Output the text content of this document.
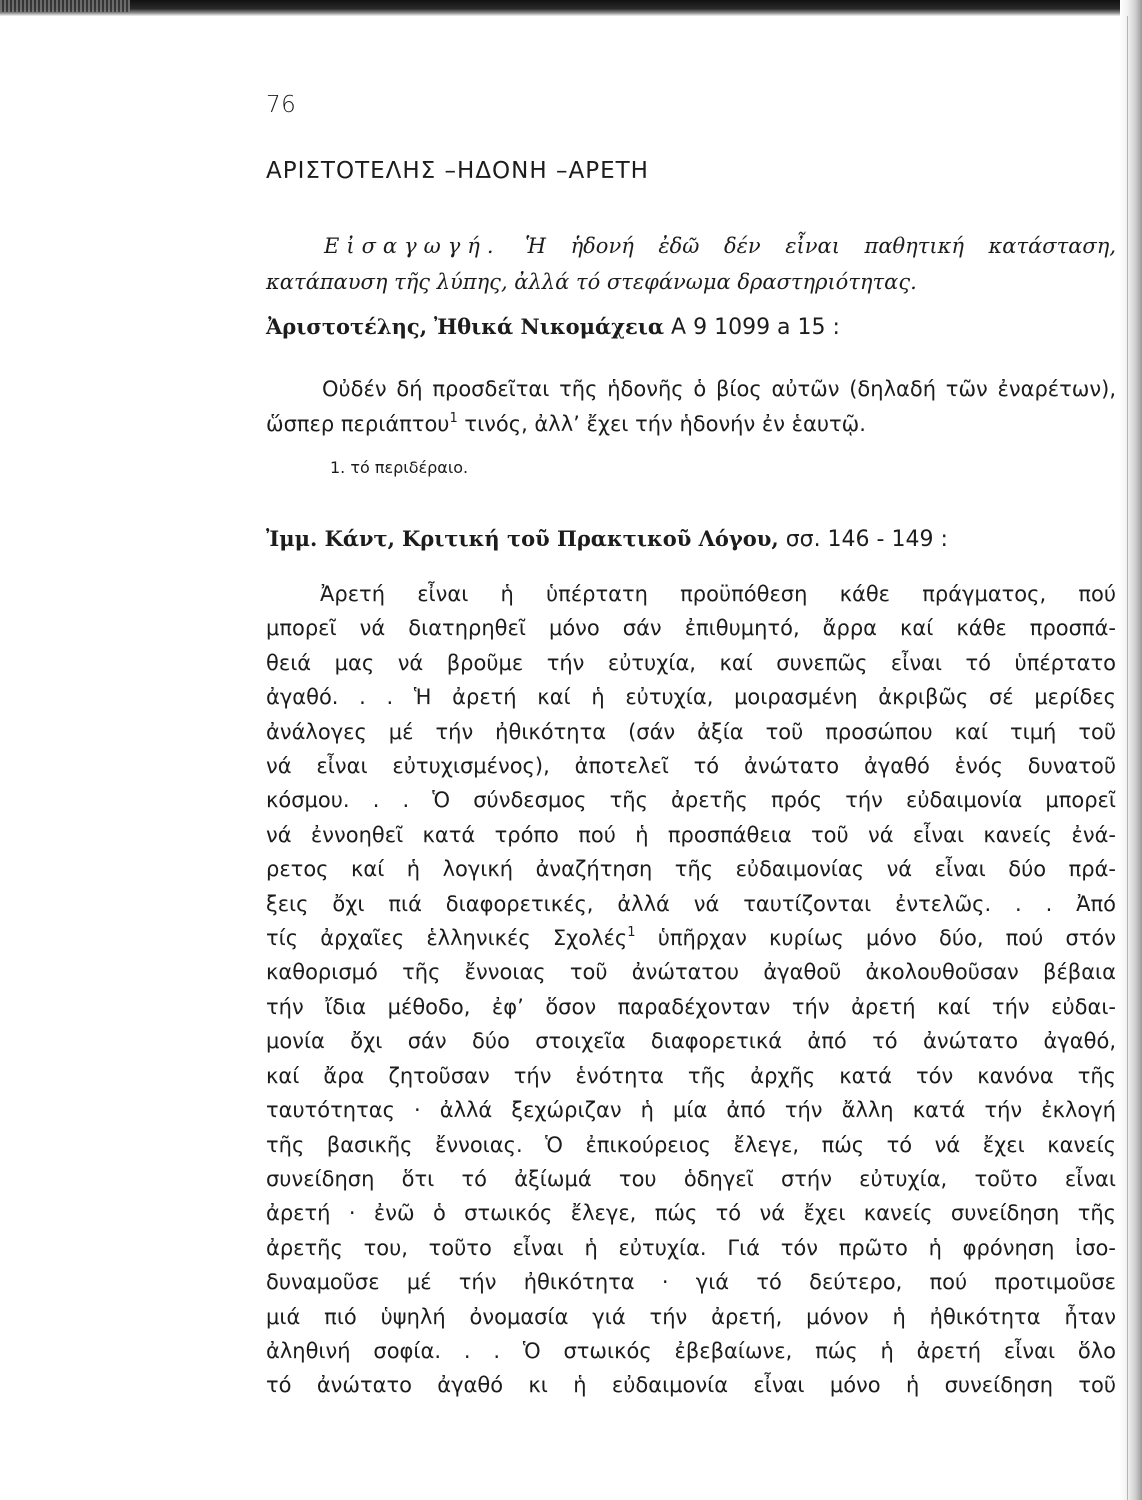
76
ΑΡΙΣΤΟΤΕΛΗΣ –ΗΔΟΝΗ –ΑΡΕΤΗ
Εἰσαγωγή. Ἡ ἡδονή ἐδῶ δέν εἶναι παθητική κατάσταση, κατάπαυση τῆς λύπης, ἀλλά τό στεφάνωμα δραστηριότητας.
Ἀριστοτέλης, Ἠθικά Νικομάχεια Α 9 1099 a 15 :
Οὐδέν δή προσδεῖται τῆς ἡδονῆς ὁ βίος αὐτῶν (δηλαδή τῶν ἐναρέτων), ὥσπερ περιάπτου$^1$ τινός, ἀλλ’ ἔχει τήν ἡδονήν ἐν ἑαυτῷ.
1. τό περιδέραιο.
Ἰμμ. Κάντ, Κριτική τοῦ Πρακτικοῦ Λόγου, σσ. 146 - 149 :
Ἀρετή εἶναι ἡ ὑπέρτατη προϋπόθεση κάθε πράγματος, πού
μπορεῖ νά διατηρηθεῖ μόνο σάν ἐπιθυμητό, ἄρρα καί κάθε προσπά-
θειά μας νά βροῦμε τήν εὐτυχία, καί συνεπῶς εἶναι τό ὑπέρτατο
ἀγαθό. . . Ἡ ἀρετή καί ἡ εὐτυχία, μοιρασμένη ἀκριβῶς σέ μερίδες
ἀνάλογες μέ τήν ἠθικότητα (σάν ἀξία τοῦ προσώπου καί τιμή τοῦ
νά εἶναι εὐτυχισμένος), ἀποτελεῖ τό ἀνώτατο ἀγαθό ἑνός δυνατοῦ
κόσμου. . . Ὁ σύνδεσμος τῆς ἀρετῆς πρός τήν εὐδαιμονία μπορεῖ
νά ἐννοηθεῖ κατά τρόπο πού ἡ προσπάθεια τοῦ νά εἶναι κανείς ἐνά-
ρετος καί ἡ λογική ἀναζήτηση τῆς εὐδαιμονίας νά εἶναι δύο πρά-
ξεις ὄχι πιά διαφορετικές, ἀλλά νά ταυτίζονται ἐντελῶς. . . Ἀπό
τίς ἀρχαῖες ἑλληνικές Σχολές$^1$ ὑπῆρχαν κυρίως μόνο δύο, πού στόν
καθορισμό τῆς ἔννοιας τοῦ ἀνώτατου ἀγαθοῦ ἀκολουθοῦσαν βέβαια
τήν ἴδια μέθοδο, ἐφ’ ὅσον παραδέχονταν τήν ἀρετή καί τήν εὐδαι-
μονία ὄχι σάν δύο στοιχεῖα διαφορετικά ἀπό τό ἀνώτατο ἀγαθό,
καί ἄρα ζητοῦσαν τήν ἑνότητα τῆς ἀρχῆς κατά τόν κανόνα τῆς
ταυτότητας · ἀλλά ξεχώριζαν ἡ μία ἀπό τήν ἄλλη κατά τήν ἐκλογή
τῆς βασικῆς ἔννοιας. Ὁ ἐπικούρειος ἔλεγε, πώς τό νά ἔχει κανείς
συνείδηση ὅτι τό ἀξίωμά του ὁδηγεῖ στήν εὐτυχία, τοῦτο εἶναι
ἀρετή · ἐνῶ ὁ στωικός ἔλεγε, πώς τό νά ἔχει κανείς συνείδηση τῆς
ἀρετῆς του, τοῦτο εἶναι ἡ εὐτυχία. Γιά τόν πρῶτο ἡ φρόνηση ἰσο-
δυναμοῦσε μέ τήν ἠθικότητα · γιά τό δεύτερο, πού προτιμοῦσε
μιά πιό ὑψηλή ὀνομασία γιά τήν ἀρετή, μόνον ἡ ἠθικότητα ἦταν
ἀληθινή σοφία. . . Ὁ στωικός ἐβεβαίωνε, πώς ἡ ἀρετή εἶναι ὅλο
τό ἀνώτατο ἀγαθό κι ἡ εὐδαιμονία εἶναι μόνο ἡ συνείδηση τοῦ
